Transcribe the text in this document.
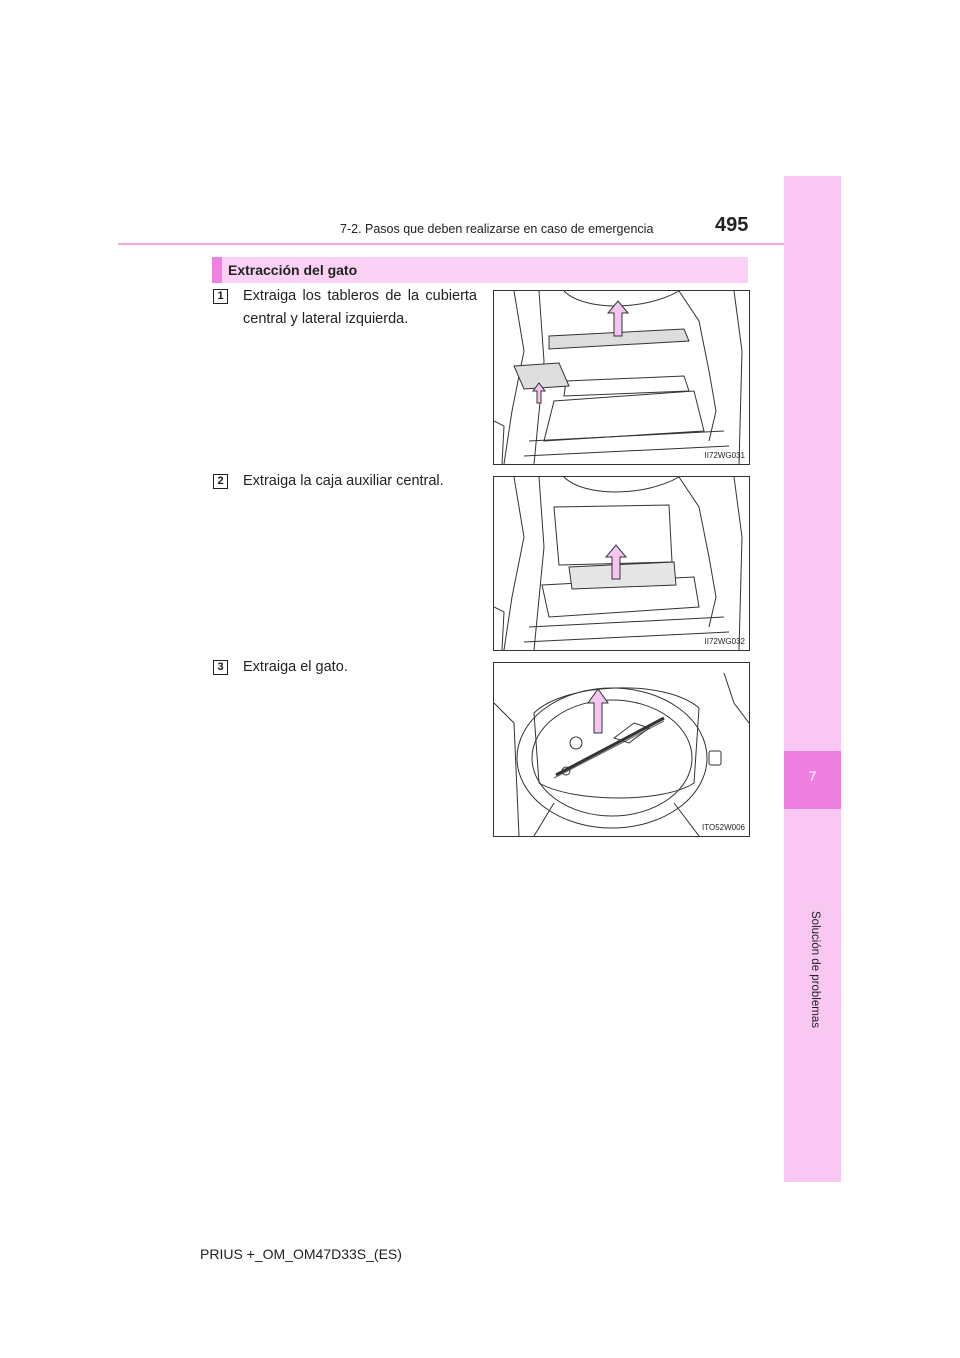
7-2. Pasos que deben realizarse en caso de emergencia	495
7
Solución de problemas
Extracción del gato
1	Extraiga los tableros de la cubierta central y lateral izquierda.
II72WG031
2	Extraiga la caja auxiliar central.
II72WG032
3	Extraiga el gato.
ITO52W006
PRIUS +_OM_OM47D33S_(ES)
